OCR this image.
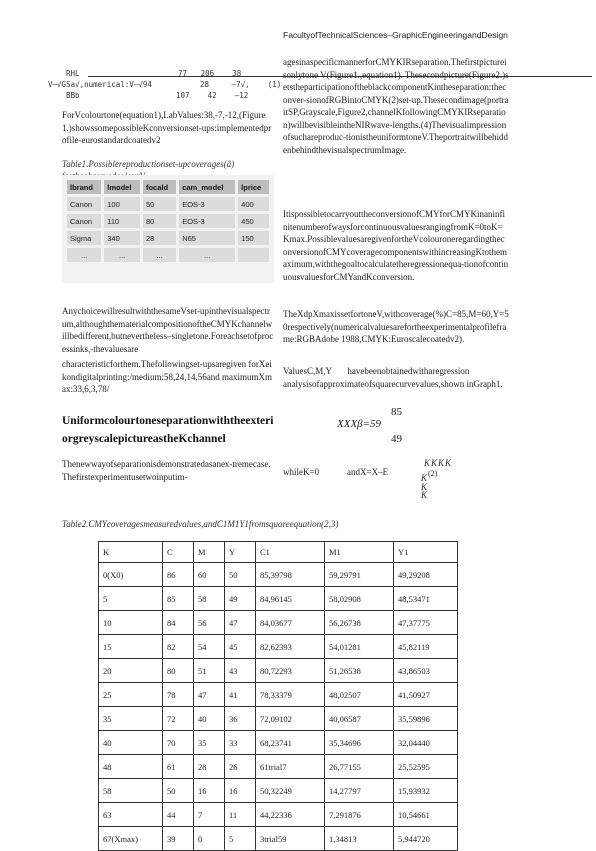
FacultyofTechnicalSciences–GraphicEngineeringandDesign
RHL	77   206    38
V–√GSa√,numerical:V–√94	28     –7√,    (1)
BBb	107    42    –12
ForVcolourtone(equation1),LabValues:38,-7,-12,(Figure1.)showssomepossibleKconversionset-ups:implementedprofile-eurostandardcoatedv2
Table1.Possiblereproductionset-upcoverages(â)
lbrand	lmodel	focald	cam_model	lprice
Canon	100	50	EOS-3	400
Canon	110	80	EOS-3	450
Sigma	340	28	N65	150
...	...	...	...	
AnychoicewillresultwiththesameVset-upinthevisualspectrum,althoughthematerialcompositionoftheCMYKchannelwillbedifferent,butnevertheless–singletone.Foreachsetofprocessinks,-thevaluesare
characteristicforthem.Thefollowingset-upsaregiven forXeikondigitalprinting:/medium:58,24,14,56and maximumXmax:33,6,3,78/
UniformcolourtoneseparationwiththeexteriorgreyscalepictureastheKchannel
Thenewwayofseparationisdemonstratedasanex-tremecase.Thefirstexperimentusetwoinputim-
agesinaspecificmannerforCMYKIRseparation.Thefirstpictureisonlytone V(Figure1.,equation1). Thesecondpicture(Figure2.)setstheparticipationoftheblackcomponentKintheseparation:theconver-sionofRGBintoCMYK(2)set-up.Thesecondimage(portraitSP,Grayscale,Figure2,channelKfollowingCMYKIRseparation)willbevisibleintheNIRwave-lengths.(4)Thevisualimpressionofsuchareproduc-tionistheuniformtoneV.TheportraitwillbehiddenbehindthevisualspectrumImage.
ItispossibletocarryouttheconversionofCMYforCMYKinaninfinitenumberofwaysforcontinuousvaluesrangingfromK=0toK=Kmax.PossiblevaluesaregivenfortheVcolouroneregardingtheconversionofCMYcoveragecomponentswithincreasingKtothemaximum,withthegoaltocalculatetheregressionequa-tionofcontinuousvaluesforCMYandKconversion.
TheXdpXmaxissetfortoneV,withcoverage(%)C=85,M=60,Y=50respectively(numericalvaluesarefortheexperimentalprofileframe:RGBAdobe 1988,CMYK:Euroscalecoatedv2).
ValuesC,M,Y       havebeenobtainedwitharegression analysisofapproximateofsquarecurvevalues,shown inGraph1.
85
XXXβ=59
49
whileK=0	andX=X–E
KKKK
(2)
K
K
K
Table2.CMYcoveragesmeasuredvalues,andC1M1Y1fromsquareequation(2,3)
K	C	M	Y	C1	M1	Y1
0(X0)	86	60	50	85,39798	59,29791	49,29208
5	85	58	49	84,96145	58,02908	48,53471
10	84	56	47	84,03677	56,26738	47,37775
15	82	54	45	82,62393	54,01281	45,82119
20	80	51	43	80,72293	51,26538	43,86503
25	78	47	41	78,33379	48,02507	41,50927
35	72	40	36	72,09102	40,06587	35,59896
40	70	35	33	68,23741	35,34696	32,04440
48	61	28	26	61trial7	26,77155	25,52595
58	50	16	16	50,32249	14,27797	15,93932
63	44	7	11	44,22336	7,291876	10,54661
67(Xmax)	39	0	5	3trial59	1,34813	5,944720
